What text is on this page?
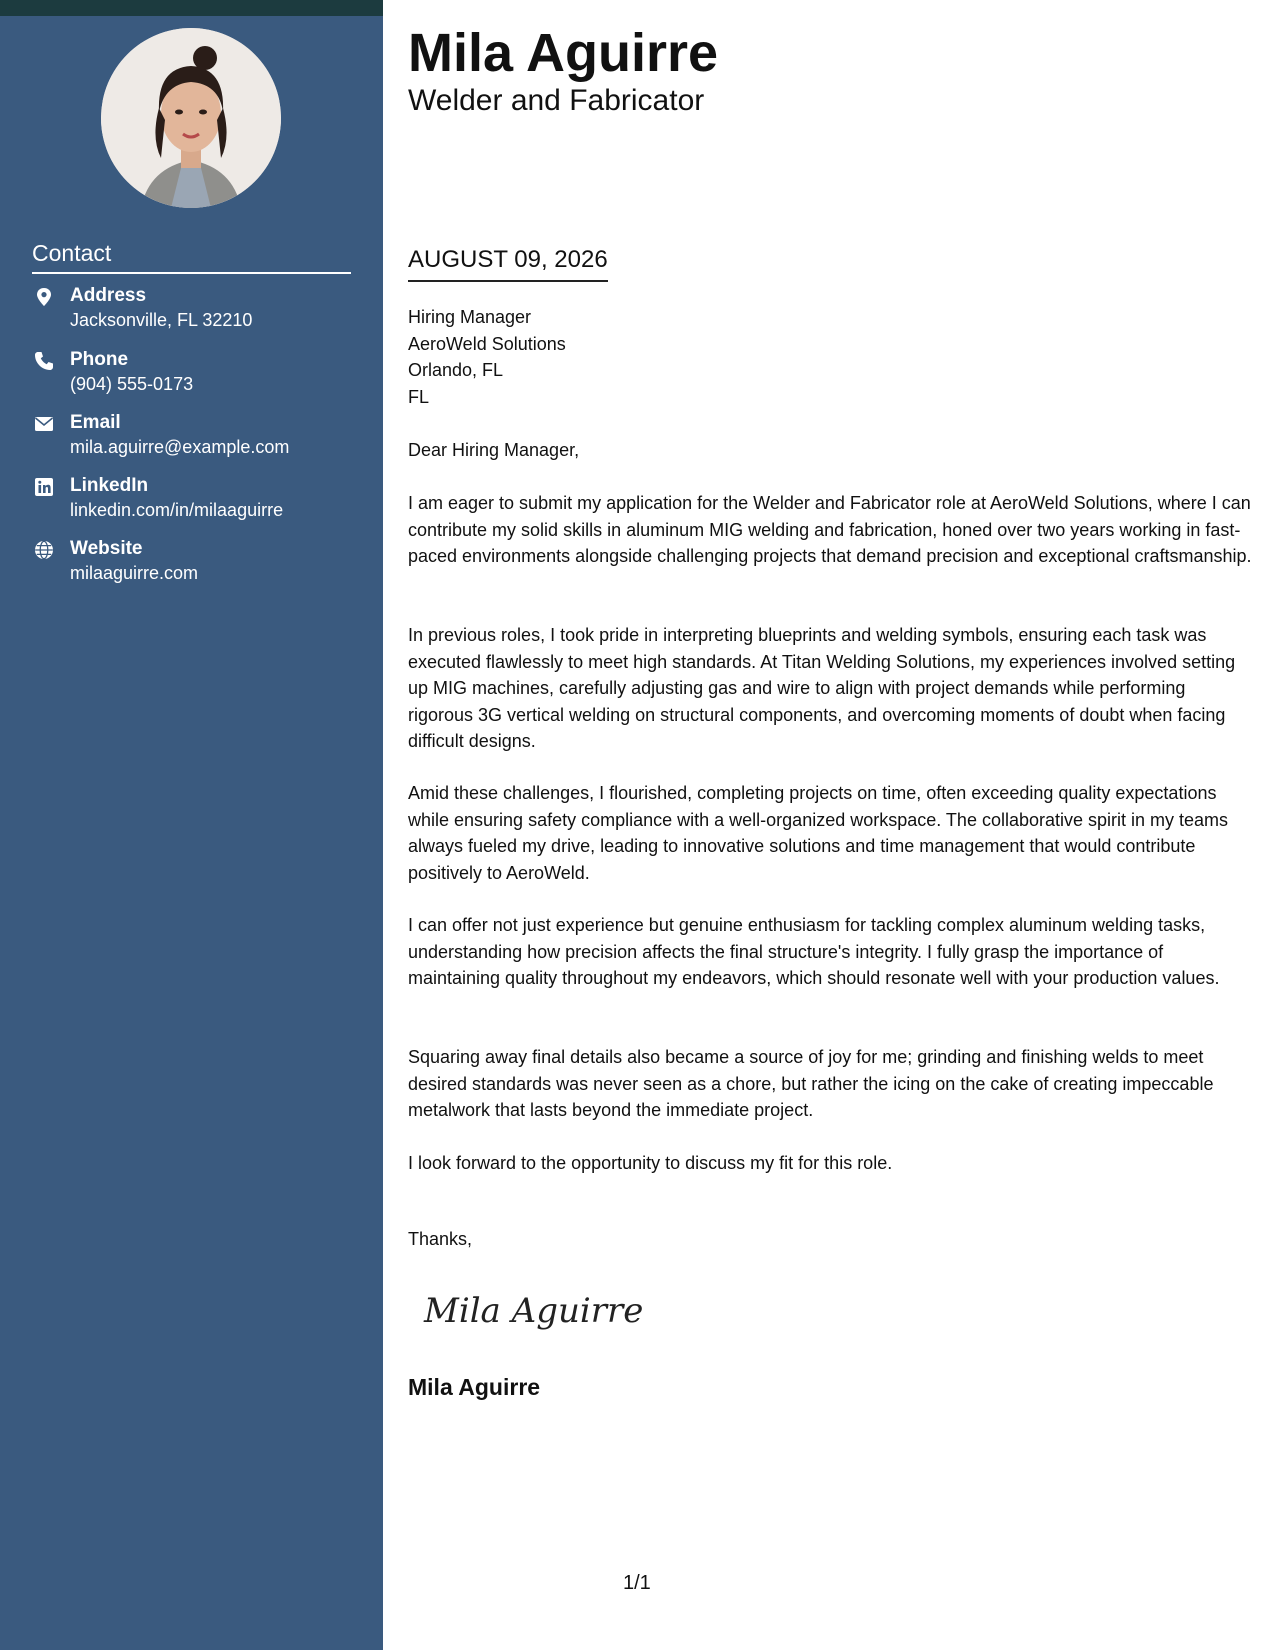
Contact
Address
Jacksonville, FL 32210
Phone
(904) 555-0173
Email
mila.aguirre@example.com
LinkedIn
linkedin.com/in/milaaguirre
Website
milaaguirre.com
Mila Aguirre
Welder and Fabricator
AUGUST 09, 2026
Hiring Manager
AeroWeld Solutions
Orlando, FL
FL
Dear Hiring Manager,
I am eager to submit my application for the Welder and Fabricator role at AeroWeld Solutions, where I can contribute my solid skills in aluminum MIG welding and fabrication, honed over two years working in fast-paced environments alongside challenging projects that demand precision and exceptional craftsmanship.
In previous roles, I took pride in interpreting blueprints and welding symbols, ensuring each task was executed flawlessly to meet high standards. At Titan Welding Solutions, my experiences involved setting up MIG machines, carefully adjusting gas and wire to align with project demands while performing rigorous 3G vertical welding on structural components, and overcoming moments of doubt when facing difficult designs.
Amid these challenges, I flourished, completing projects on time, often exceeding quality expectations while ensuring safety compliance with a well-organized workspace. The collaborative spirit in my teams always fueled my drive, leading to innovative solutions and time management that would contribute positively to AeroWeld.
I can offer not just experience but genuine enthusiasm for tackling complex aluminum welding tasks, understanding how precision affects the final structure's integrity. I fully grasp the importance of maintaining quality throughout my endeavors, which should resonate well with your production values.
Squaring away final details also became a source of joy for me; grinding and finishing welds to meet desired standards was never seen as a chore, but rather the icing on the cake of creating impeccable metalwork that lasts beyond the immediate project.
I look forward to the opportunity to discuss my fit for this role.
Thanks,
Mila Aguirre
Mila Aguirre
1/1
